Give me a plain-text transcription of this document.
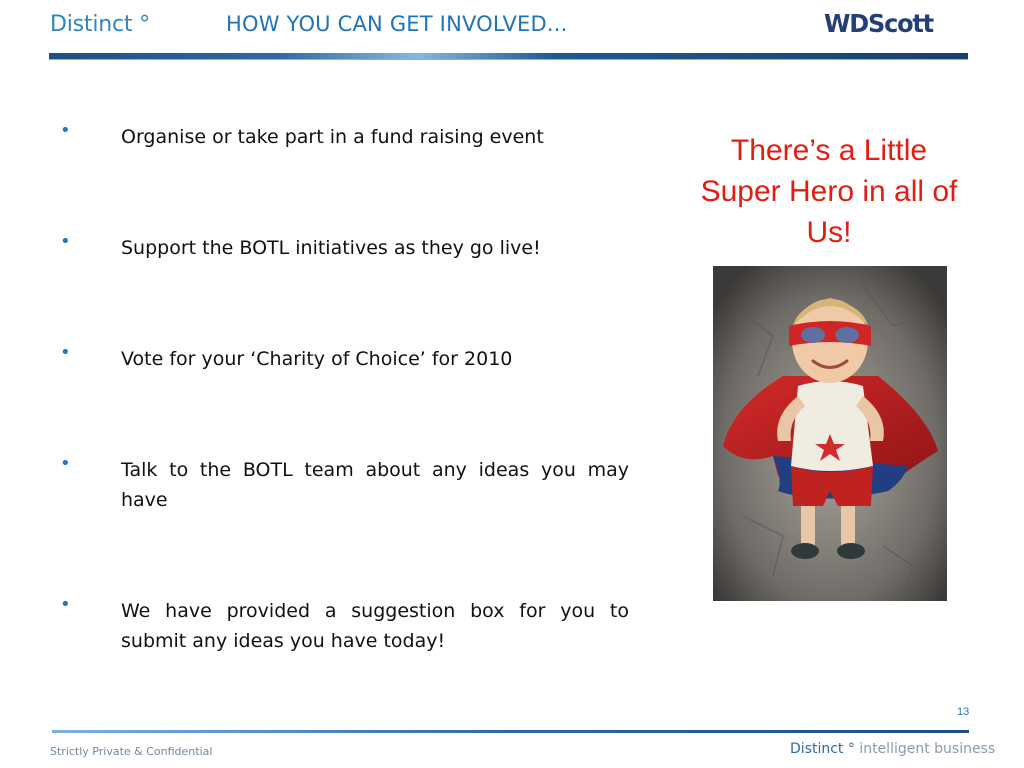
Distinct °	HOW YOU CAN GET INVOLVED...	WDScott
•	Organise or take part in a fund raising event
•	Support the BOTL initiatives as they go live!
•	Vote for your ‘Charity of Choice’ for 2010
•	Talk to the BOTL team about any ideas you may have
•	We have provided a suggestion box for you to submit any ideas you have today!
There’s a Little Super Hero in all of Us!
13
Strictly Private & Confidential	Distinct ° intelligent business
